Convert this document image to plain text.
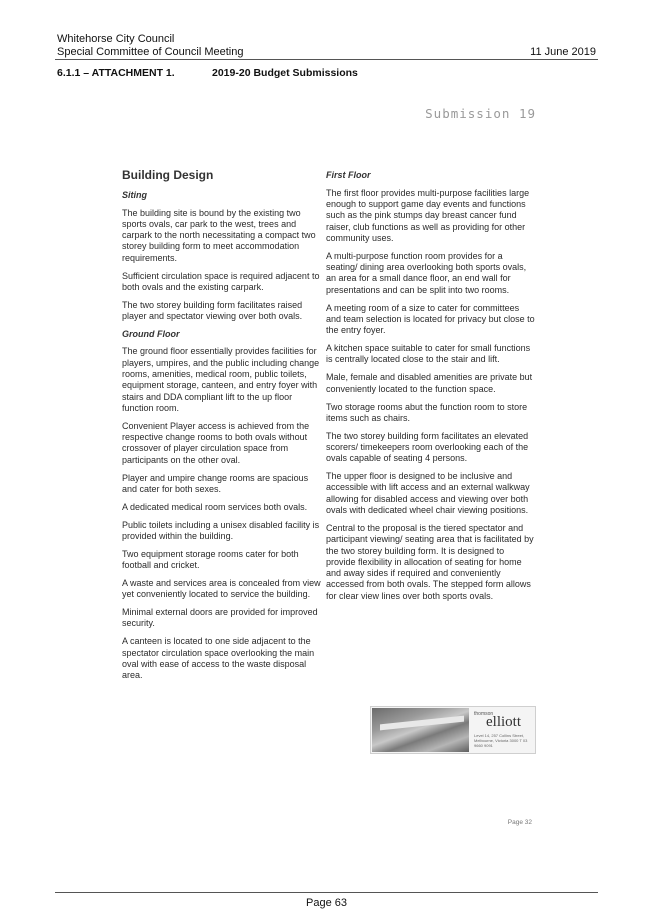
Whitehorse City Council
Special Committee of Council Meeting	11 June 2019
6.1.1 – ATTACHMENT 1.	2019-20 Budget Submissions
Submission 19
Building Design
Siting

The building site is bound by the existing two sports ovals, car park to the west, trees and carpark to the north necessitating a compact two storey building form to meet accommodation requirements.

Sufficient circulation space is required adjacent to both ovals and the existing carpark.

The two storey building form facilitates raised player and spectator viewing over both ovals.

Ground Floor

The ground floor essentially provides facilities for players, umpires, and the public including change rooms, amenities, medical room, public toilets, equipment storage, canteen, and entry foyer with stairs and DDA compliant lift to the up floor function room.

Convenient Player access is achieved from the respective change rooms to both ovals without crossover of player circulation space from participants on the other oval.

Player and umpire change rooms are spacious and cater for both sexes.

A dedicated medical room services both ovals.

Public toilets including a unisex disabled facility is provided within the building.

Two equipment storage rooms cater for both football and cricket.

A waste and services area is concealed from view yet conveniently located to service the building.

Minimal external doors are provided for improved security.

A canteen is located to one side adjacent to the spectator circulation space overlooking the main oval with ease of access to the waste disposal area.

First Floor

The first floor provides multi-purpose facilities large enough to support game day events and functions such as the pink stumps day breast cancer fund raiser, club functions as well as providing for other community uses.

A multi-purpose function room provides for a seating/ dining area overlooking both sports ovals, an area for a small dance floor, an end wall for presentations and can be split into two rooms.

A meeting room of a size to cater for committees and team selection is located for privacy but close to the entry foyer.

A kitchen space suitable to cater for small functions is centrally located close to the stair and lift.

Male, female and disabled amenities are private but conveniently located to the function space.

Two storage rooms abut the function room to store items such as chairs.

The two storey building form facilitates an elevated scorers/ timekeepers room overlooking each of the ovals capable of seating 4 persons.

The upper floor is designed to be inclusive and accessible with lift access and an external walkway allowing for disabled access and viewing over both ovals with dedicated wheel chair viewing positions.

Central to the proposal is the tiered spectator and participant viewing/ seating area that is facilitated by the two storey building form. It is designed to provide flexibility in allocation of seating for home and away sides if required and conveniently accessed from both ovals. The stepped form allows for clear view lines over both sports ovals.

thomson
elliott
Level 14, 257 Collins Street, Melbourne, Victoria 3000 T 03 9660 9091
Page 32
Page 63
